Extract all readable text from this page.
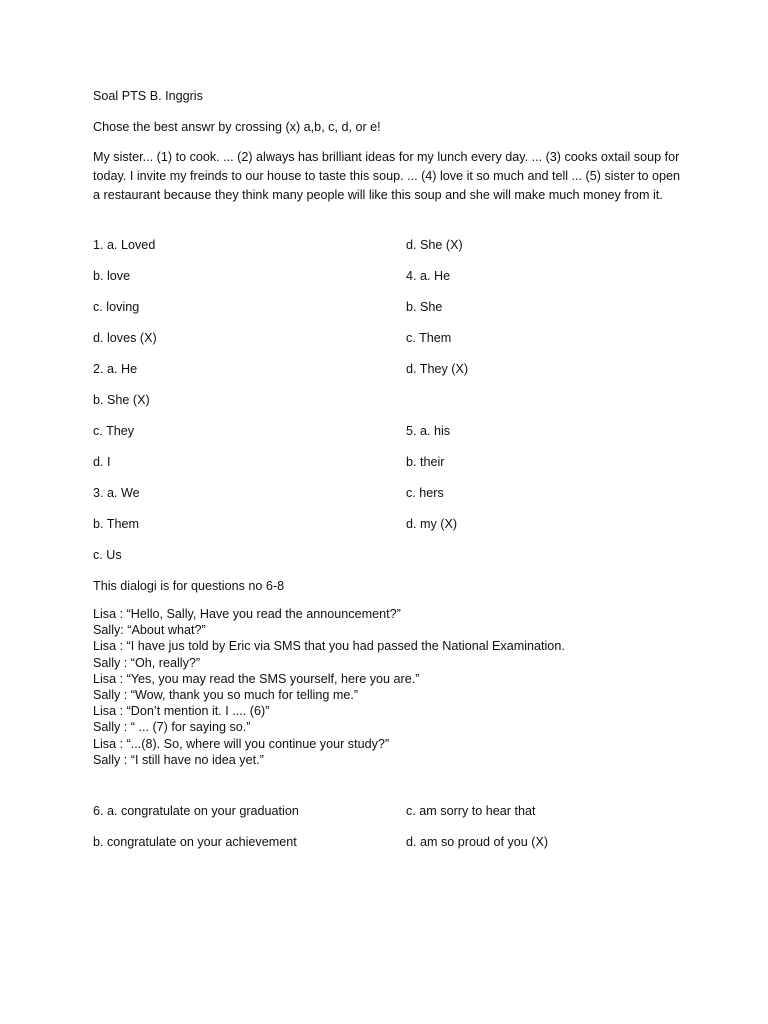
Soal PTS B. Inggris
Chose the best answr by crossing (x) a,b, c, d, or e!
My sister... (1) to cook. ... (2) always has brilliant ideas for my lunch every day. ... (3) cooks oxtail soup for today. I invite my freinds to our house to taste this soup. ... (4) love it so much and tell ... (5) sister to open a restaurant because they think many people will like this soup and she will make much money from it.
1. a. Loved
b. love
c. loving
d. loves (X)
2. a. He
b. She (X)
c. They
d. I
3. a. We
b. Them
c. Us
d. She (X)
4. a. He
b. She
c. Them
d. They (X)
5. a. his
b. their
c. hers
d. my (X)
This dialogi is for questions no 6-8
Lisa : “Hello, Sally, Have you read the announcement?”
Sally: “About what?”
Lisa : “I have jus told by Eric via SMS that you had passed the National Examination.
Sally : “Oh, really?”
Lisa : “Yes, you may read the SMS yourself, here you are.”
Sally : “Wow, thank you so much for telling me.”
Lisa : “Don’t mention it. I .... (6)”
Sally : “ ... (7) for saying so.”
Lisa : “...(8). So, where will you continue your study?”
Sally : “I still have no idea yet.”
6. a. congratulate on your graduation
b. congratulate on your achievement
c. am sorry to hear that
d. am so proud of you (X)
